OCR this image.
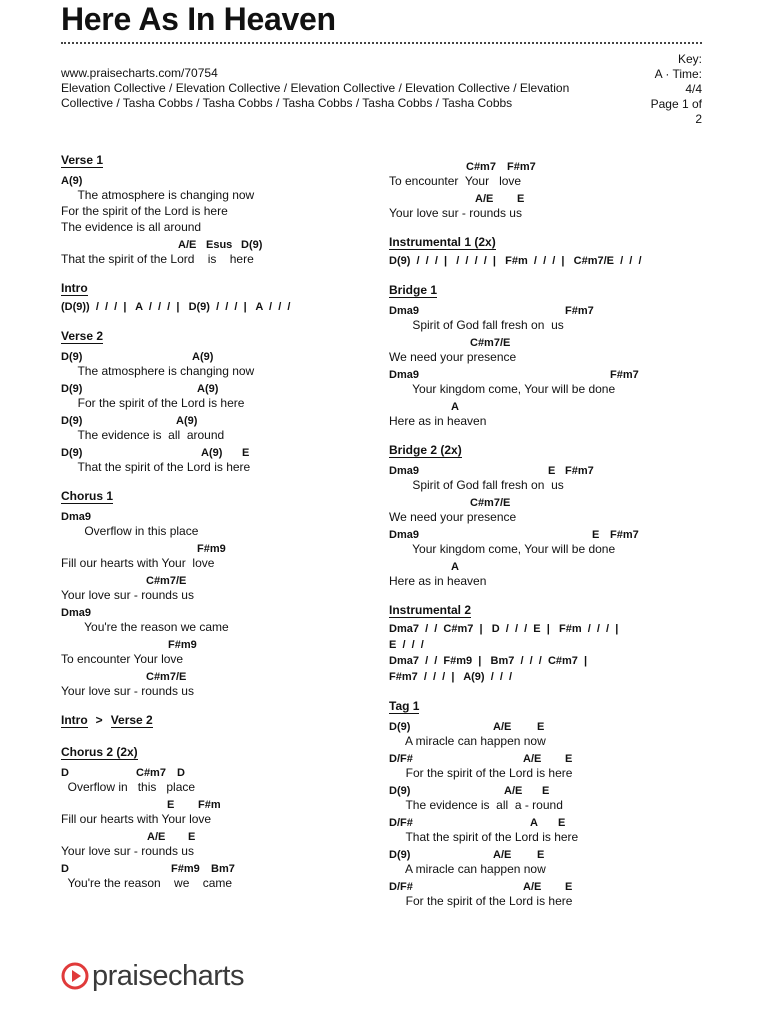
Here As In Heaven
www.praisecharts.com/70754
Elevation Collective / Elevation Collective / Elevation Collective / Elevation Collective / Elevation Collective / Tasha Cobbs / Tasha Cobbs / Tasha Cobbs / Tasha Cobbs / Tasha Cobbs
Key:
A · Time:
4/4
Page 1 of
2
Verse 1
A(9)
The atmosphere is changing now
For the spirit of the Lord is here
The evidence is all around
A/E Esus D(9)
That the spirit of the Lord    is    here
Intro
(D(9))  /  /  /  |   A  /  /  /  |   D(9)  /  /  /  |   A  /  /  /
Verse 2
D(9)	A(9)
The atmosphere is changing now
D(9)	A(9)
For the spirit of the Lord is here
D(9)	A(9)
The evidence is  all  around
D(9)	A(9) E
That the spirit of the Lord is here
Chorus 1
Dma9
Overflow in this place
F#m9
Fill our hearts with Your  love
C#m7/E
Your love sur - rounds us
Dma9
You're the reason we came
F#m9
To encounter Your love
C#m7/E
Your love sur - rounds us
Intro > Verse 2
Chorus 2 (2x)
D	C#m7 D
Overflow in   this   place
E F#m
Fill our hearts with Your love
A/E E
Your love sur - rounds us
D	F#m9 Bm7
You're the reason    we    came
C#m7 F#m7
To encounter  Your   love
A/E E
Your love sur - rounds us
Instrumental 1 (2x)
D(9)  /  /  /  |   /  /  /  /  |   F#m  /  /  /  |   C#m7/E  /  /  /
Bridge 1
Dma9	F#m7
Spirit of God fall fresh on  us
C#m7/E
We need your presence
Dma9	F#m7
Your kingdom come, Your will be done
A
Here as in heaven
Bridge 2 (2x)
Dma9	E F#m7
Spirit of God fall fresh on  us
C#m7/E
We need your presence
Dma9	E F#m7
Your kingdom come, Your will be done
A
Here as in heaven
Instrumental 2
Dma7  /  /  C#m7  |   D  /  /  /  E  |   F#m  /  /  /  |
E  /  /  /
Dma7  /  /  F#m9  |   Bm7  /  /  /  C#m7  |
F#m7  /  /  /  |   A(9)  /  /  /
Tag 1
D(9)	A/E E
A miracle can happen now
D/F#	A/E E
For the spirit of the Lord is here
D(9)	A/E E
The evidence is  all  a - round
D/F#	A E
That the spirit of the Lord is here
D(9)	A/E E
A miracle can happen now
D/F#	A/E E
For the spirit of the Lord is here
praisecharts
